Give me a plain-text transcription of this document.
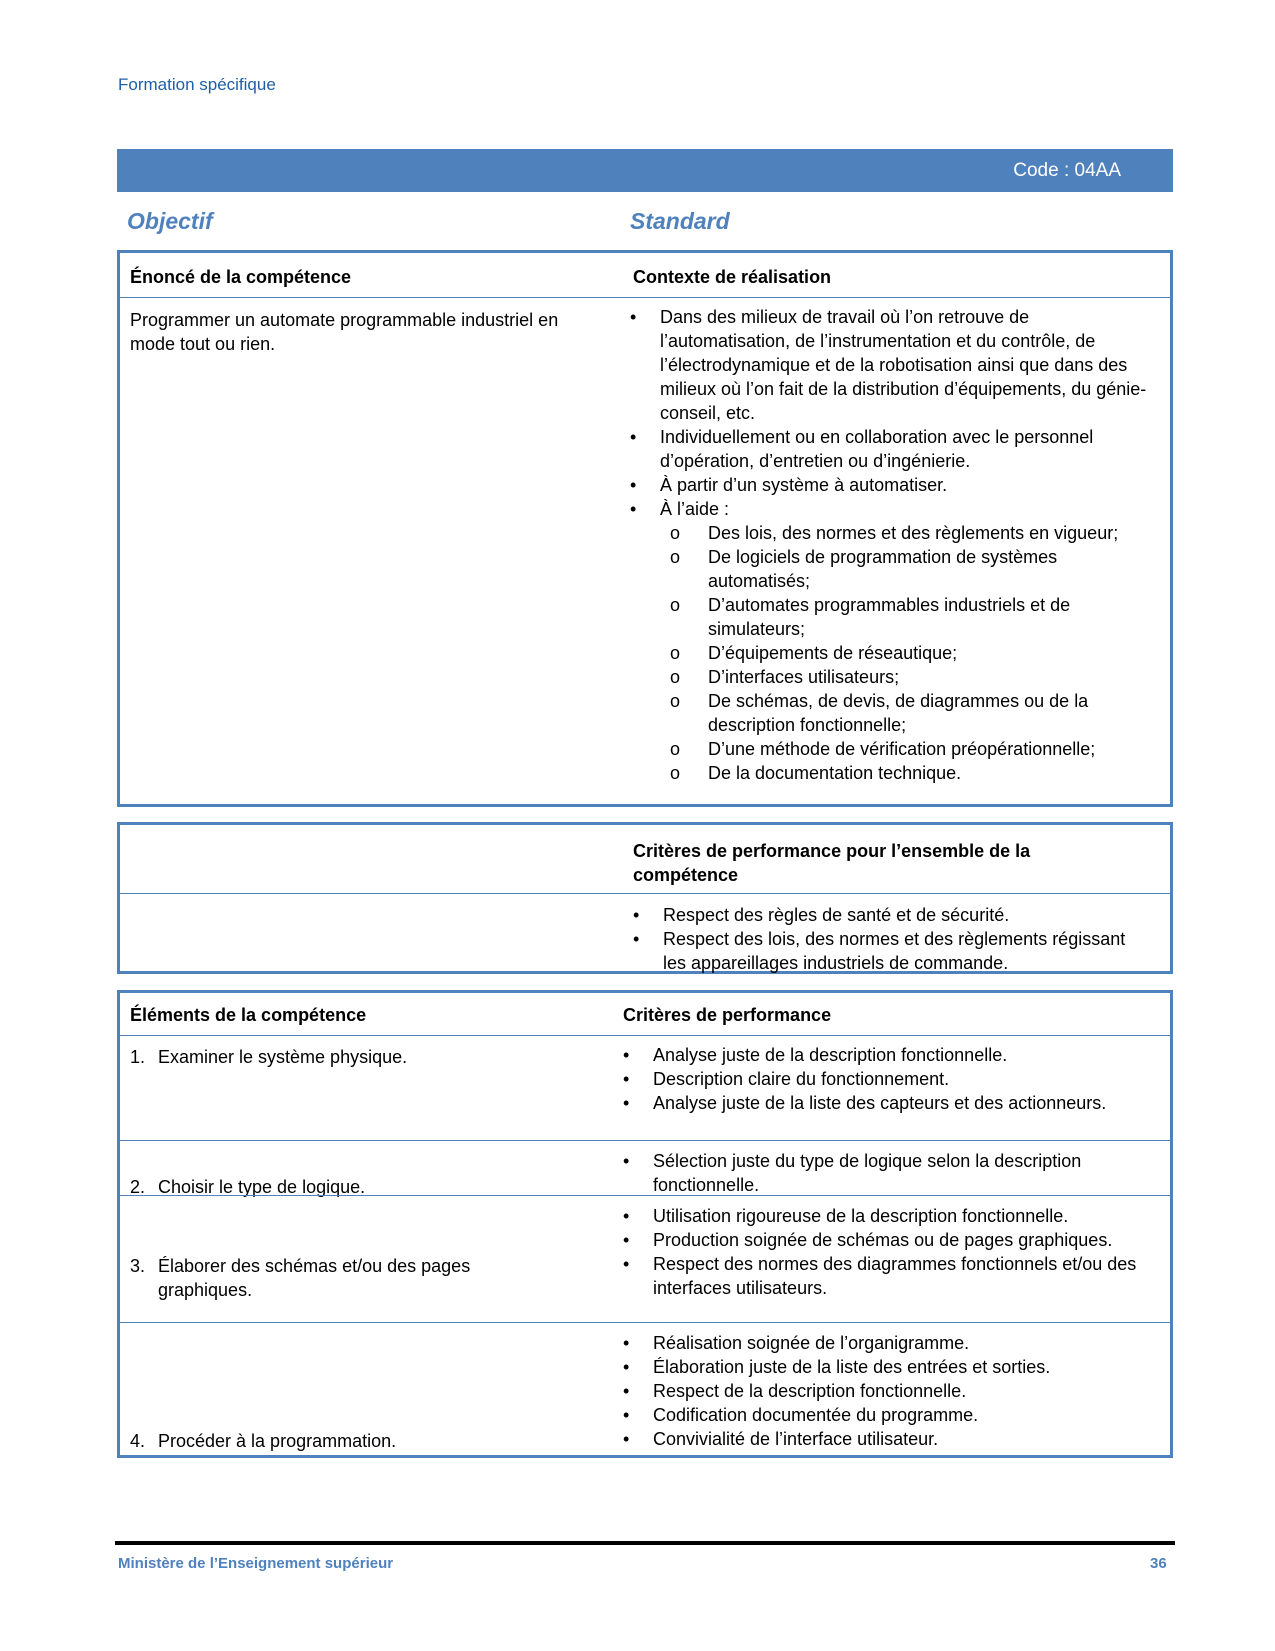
Formation spécifique
Code : 04AA
Objectif	Standard
Énoncé de la compétence	Contexte de réalisation
Programmer un automate programmable industriel en mode tout ou rien.
• Dans des milieux de travail où l’on retrouve de l’automatisation, de l’instrumentation et du contrôle, de l’électrodynamique et de la robotisation ainsi que dans des milieux où l’on fait de la distribution d’équipements, du génie-conseil, etc.
• Individuellement ou en collaboration avec le personnel d’opération, d’entretien ou d’ingénierie.
• À partir d’un système à automatiser.
• À l’aide :
o Des lois, des normes et des règlements en vigueur;
o De logiciels de programmation de systèmes automatisés;
o D’automates programmables industriels et de simulateurs;
o D’équipements de réseautique;
o D’interfaces utilisateurs;
o De schémas, de devis, de diagrammes ou de la description fonctionnelle;
o D’une méthode de vérification préopérationnelle;
o De la documentation technique.
Critères de performance pour l’ensemble de la compétence
• Respect des règles de santé et de sécurité.
• Respect des lois, des normes et des règlements régissant les appareillages industriels de commande.
Éléments de la compétence	Critères de performance
1. Examiner le système physique.
•	Analyse juste de la description fonctionnelle.
• Description claire du fonctionnement.
• Analyse juste de la liste des capteurs et des actionneurs.
2. Choisir le type de logique.
• Sélection juste du type de logique selon la description fonctionnelle.
3. Élaborer des schémas et/ou des pages graphiques.
• Utilisation rigoureuse de la description fonctionnelle.
• Production soignée de schémas ou de pages graphiques.
• Respect des normes des diagrammes fonctionnels et/ou des interfaces utilisateurs.
4. Procéder à la programmation.
• Réalisation soignée de l’organigramme.
• Élaboration juste de la liste des entrées et sorties.
• Respect de la description fonctionnelle.
• Codification documentée du programme.
• Convivialité de l’interface utilisateur.
Ministère de l’Enseignement supérieur	36
